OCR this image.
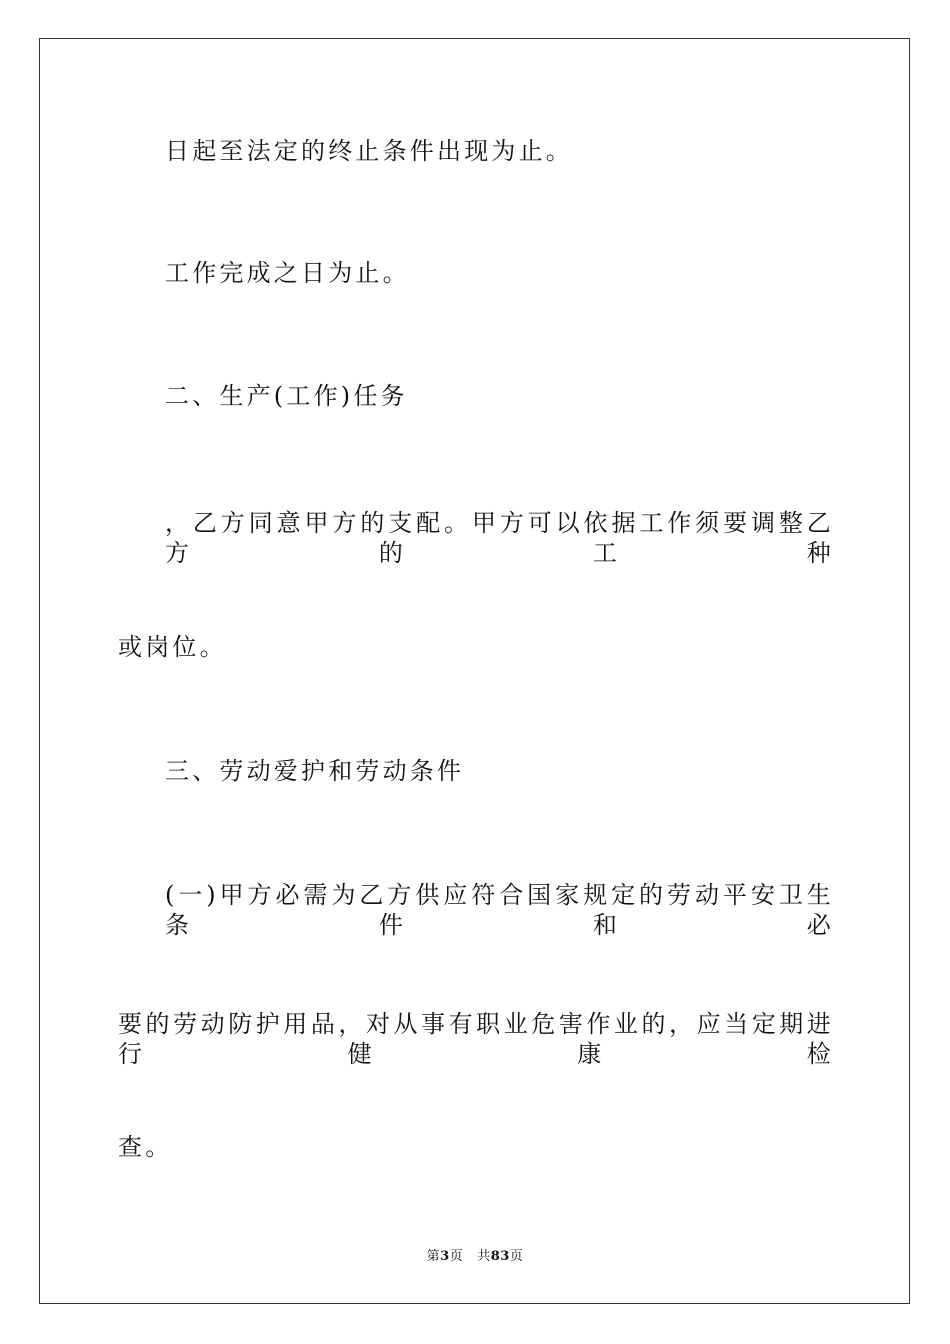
日起至法定的终止条件出现为止。
工作完成之日为止。
二、生产(工作)任务
，乙方同意甲方的支配。甲方可以依据工作须要调整乙方的工种
或岗位。
三、劳动爱护和劳动条件
(一)甲方必需为乙方供应符合国家规定的劳动平安卫生条件和必
要的劳动防护用品，对从事有职业危害作业的，应当定期进行健康检
查。
第3页 共83页
